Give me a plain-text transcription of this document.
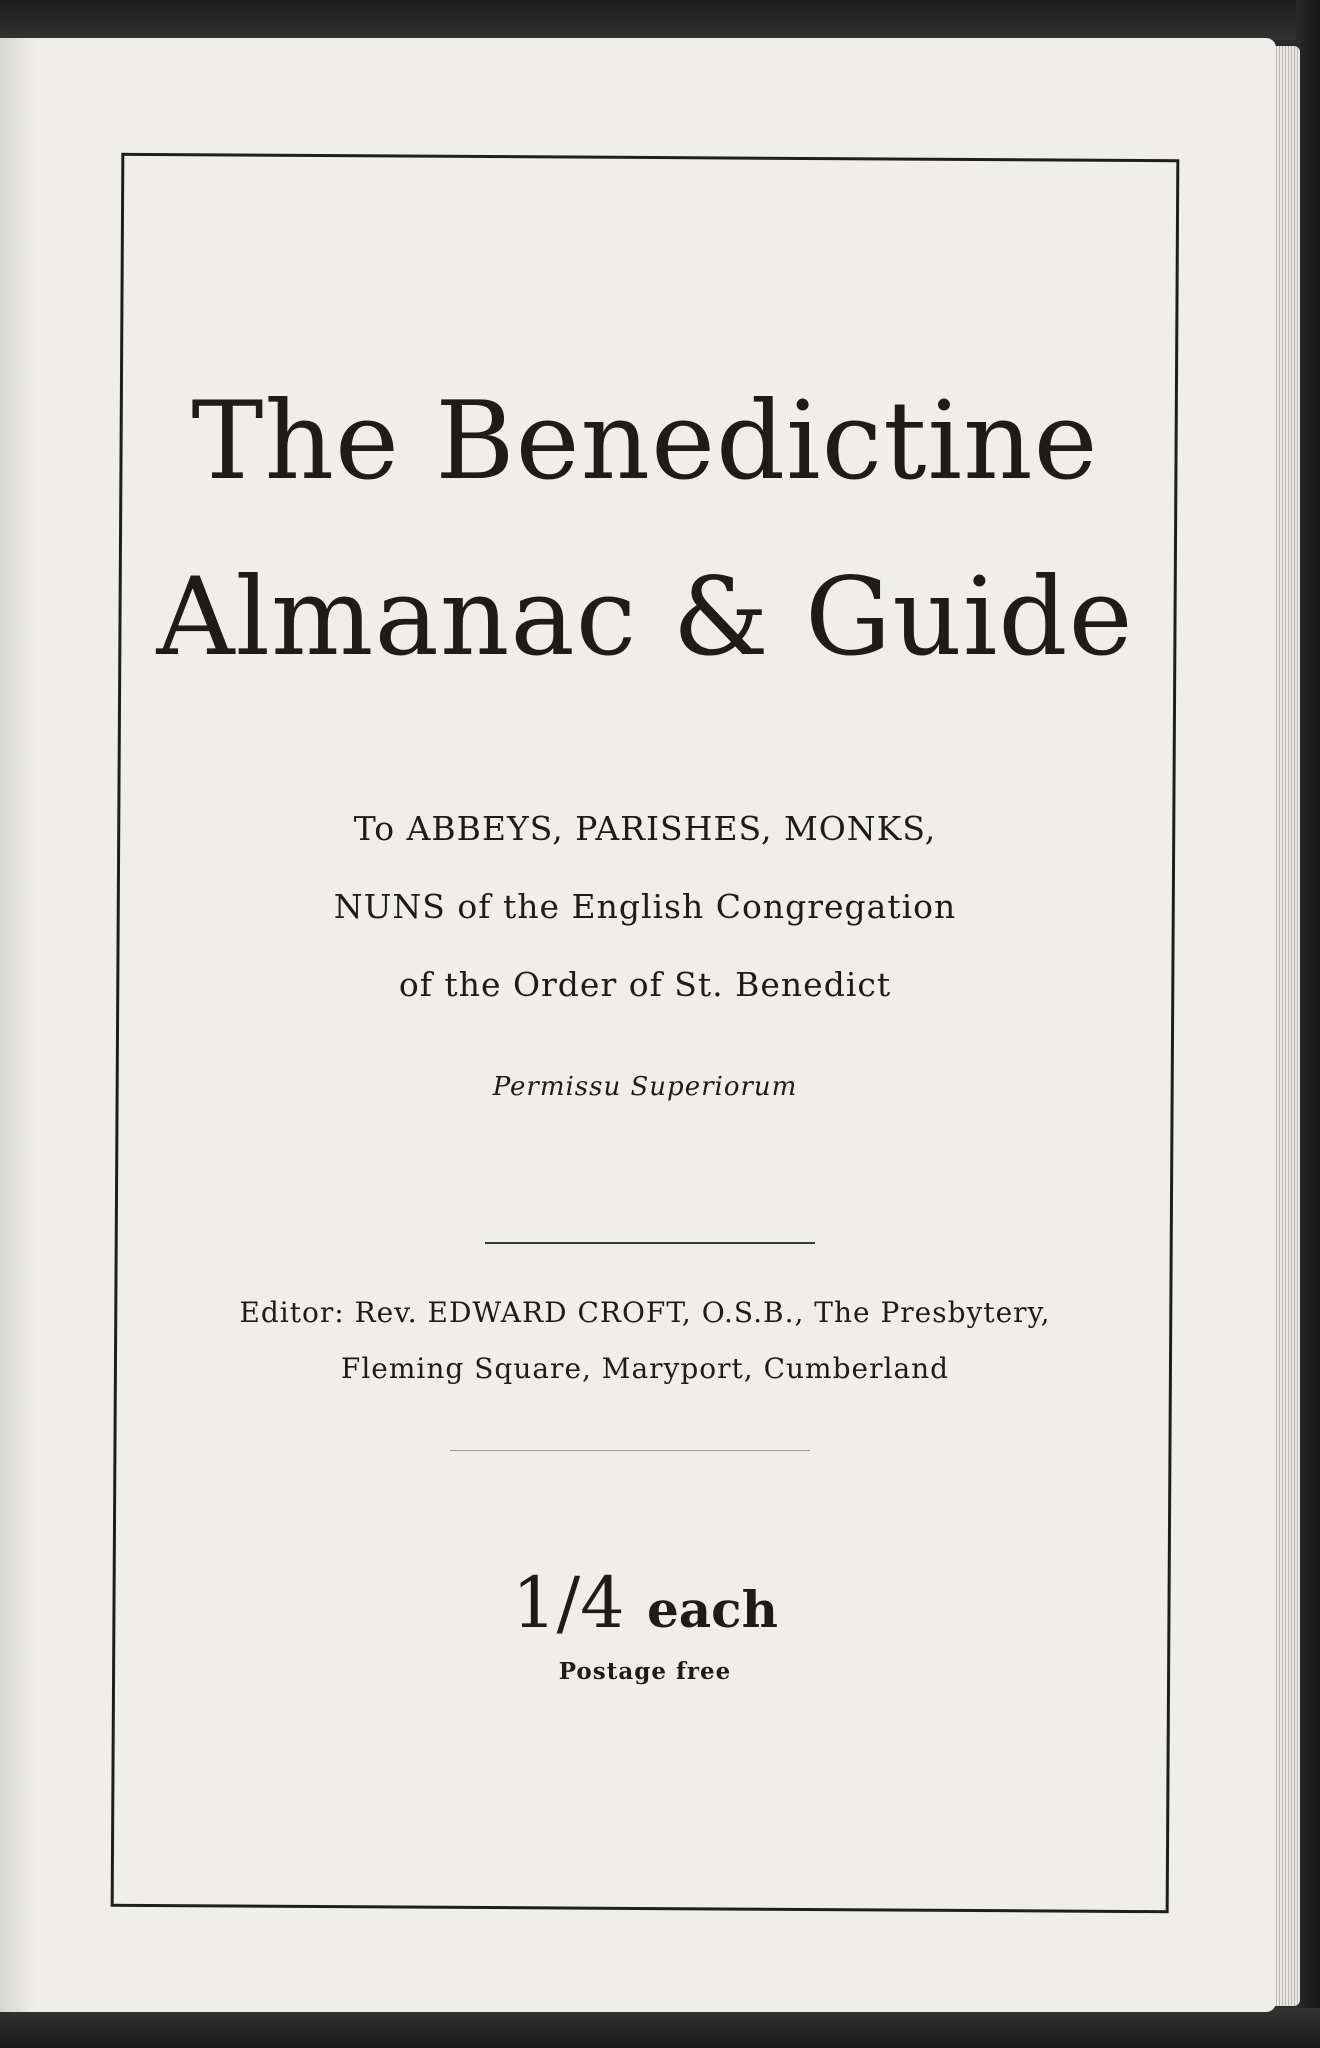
The Benedictine
Almanac & Guide
To ABBEYS, PARISHES, MONKS,
NUNS of the English Congregation
of the Order of St. Benedict
Permissu Superiorum
Editor: Rev. EDWARD CROFT, O.S.B., The Presbytery,
Fleming Square, Maryport, Cumberland
1/4 each
Postage free
